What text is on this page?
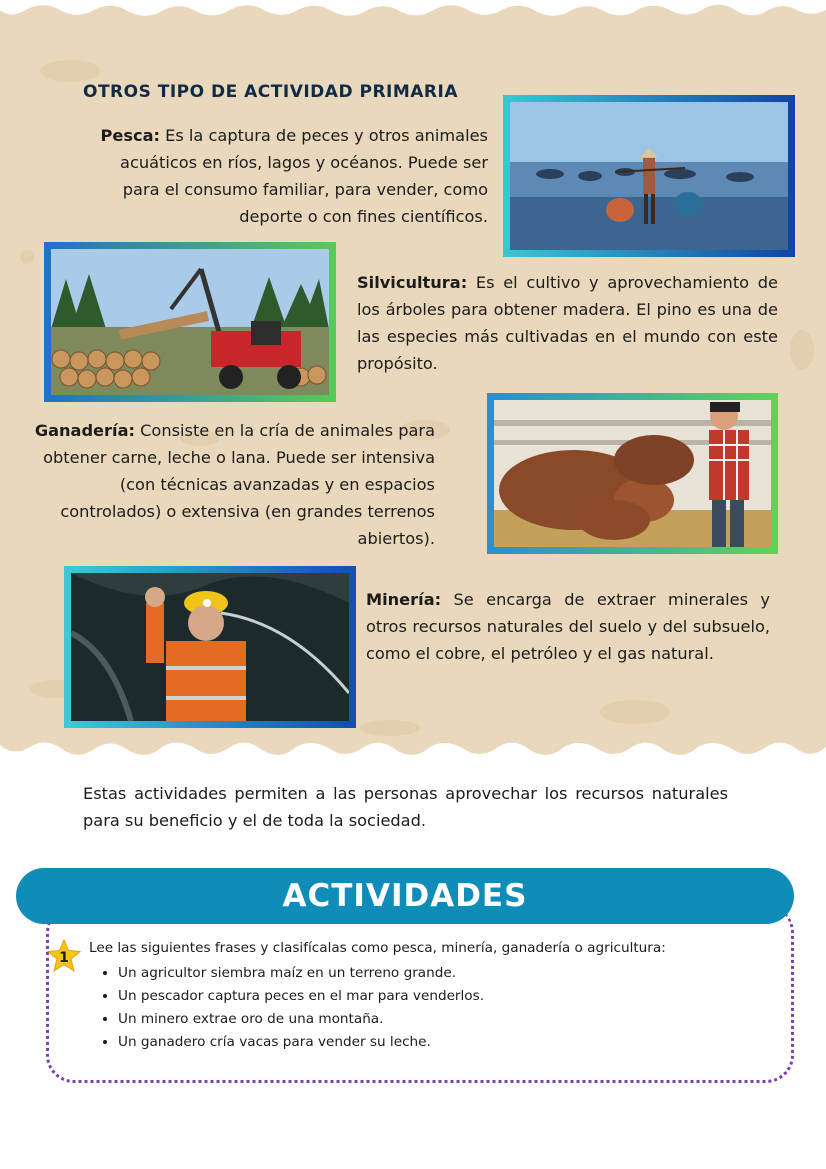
OTROS TIPO DE ACTIVIDAD PRIMARIA

Pesca: Es la captura de peces y otros animales acuáticos en ríos, lagos y océanos. Puede ser para el consumo familiar, para vender, como deporte o con fines científicos.

Silvicultura: Es el cultivo y aprovechamiento de los árboles para obtener madera. El pino es una de las especies más cultivadas en el mundo con este propósito.

Ganadería: Consiste en la cría de animales para obtener carne, leche o lana. Puede ser intensiva (con técnicas avanzadas y en espacios controlados) o extensiva (en grandes terrenos abiertos).

Minería: Se encarga de extraer minerales y otros recursos naturales del suelo y del subsuelo, como el cobre, el petróleo y el gas natural.

Estas actividades permiten a las personas aprovechar los recursos naturales para su beneficio y el de toda la sociedad.

ACTIVIDADES
1

Lee las siguientes frases y clasifícalas como pesca, minería, ganadería o agricultura:

• Un agricultor siembra maíz en un terreno grande.
• Un pescador captura peces en el mar para venderlos.
• Un minero extrae oro de una montaña.
• Un ganadero cría vacas para vender su leche.
